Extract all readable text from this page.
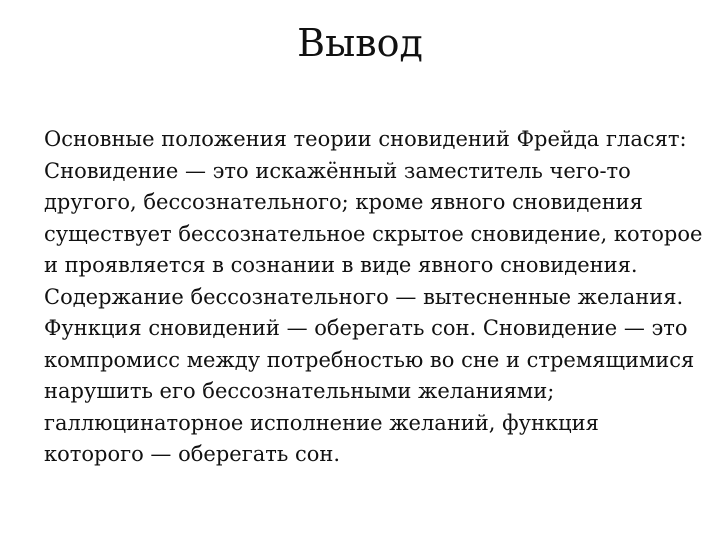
Вывод

Основные положения теории сновидений Фрейда гласят:

Сновидение — это искажённый заместитель чего-то другого, бессознательного; кроме явного сновидения существует бессознательное скрытое сновидение, которое и проявляется в сознании в виде явного сновидения. Содержание бессознательного — вытесненные желания.

Функция сновидений — оберегать сон. Сновидение — это компромисс между потребностью во сне и стремящимися нарушить его бессознательными желаниями; галлюцинаторное исполнение желаний, функция которого — оберегать сон.
